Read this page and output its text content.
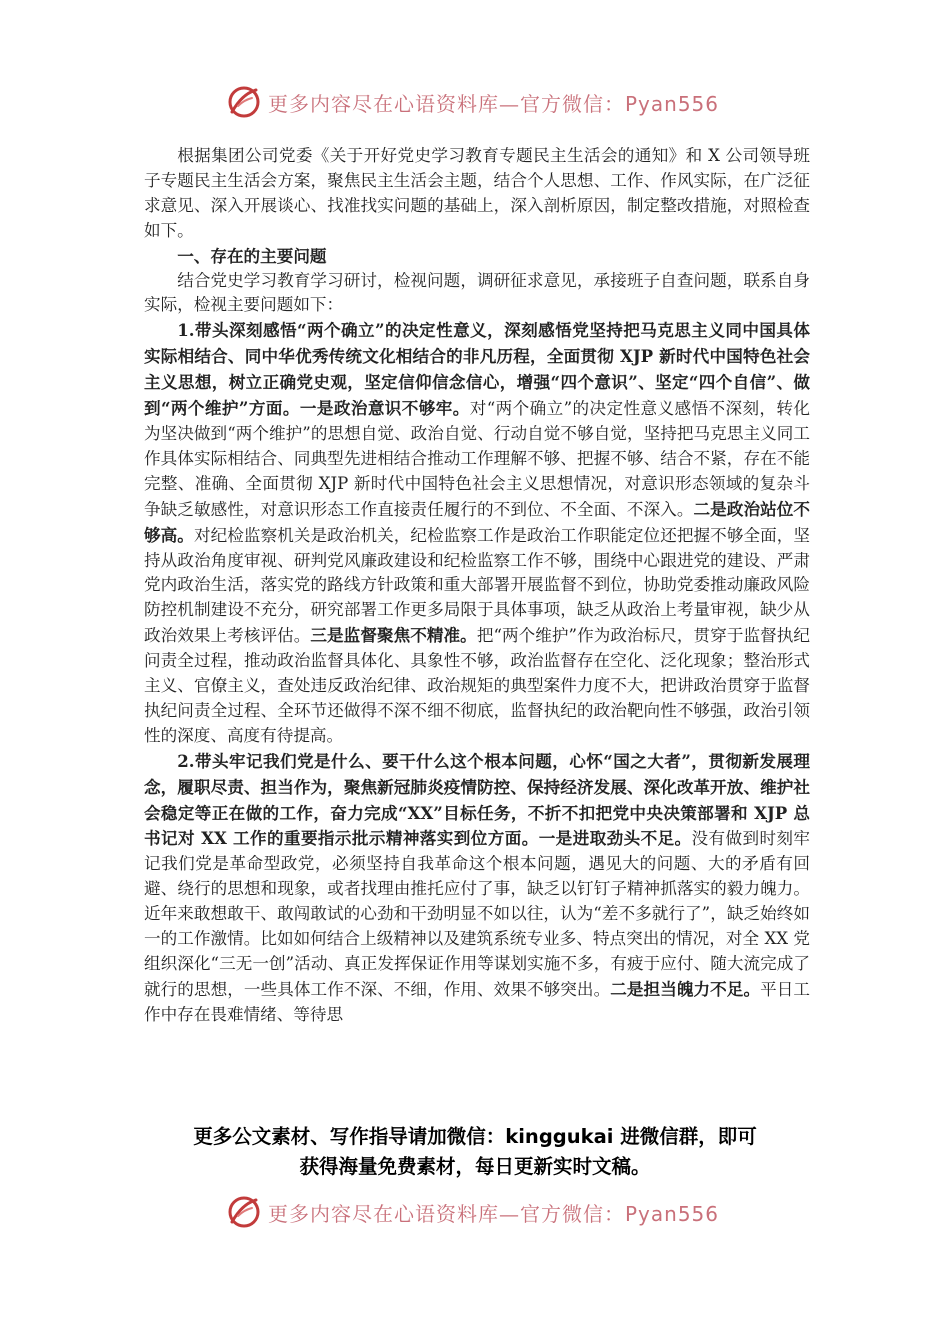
更多内容尽在心语资料库—官方微信：Pyan556

根据集团公司党委《关于开好党史学习教育专题民主生活会的通知》和 X 公司领导班子专题民主生活会方案，聚焦民主生活会主题，结合个人思想、工作、作风实际，在广泛征求意见、深入开展谈心、找准找实问题的基础上，深入剖析原因，制定整改措施，对照检查如下。

一、存在的主要问题

结合党史学习教育学习研讨，检视问题，调研征求意见，承接班子自查问题，联系自身实际，检视主要问题如下：

1.带头深刻感悟“两个确立”的决定性意义，深刻感悟党坚持把马克思主义同中国具体实际相结合、同中华优秀传统文化相结合的非凡历程，全面贯彻 XJP 新时代中国特色社会主义思想，树立正确党史观，坚定信仰信念信心，增强“四个意识”、坚定“四个自信”、做到“两个维护”方面。一是政治意识不够牢。对“两个确立”的决定性意义感悟不深刻，转化为坚决做到“两个维护”的思想自觉、政治自觉、行动自觉不够自觉，坚持把马克思主义同工作具体实际相结合、同典型先进相结合推动工作理解不够、把握不够、结合不紧，存在不能完整、准确、全面贯彻 XJP 新时代中国特色社会主义思想情况，对意识形态领域的复杂斗争缺乏敏感性，对意识形态工作直接责任履行的不到位、不全面、不深入。二是政治站位不够高。对纪检监察机关是政治机关，纪检监察工作是政治工作职能定位还把握不够全面，坚持从政治角度审视、研判党风廉政建设和纪检监察工作不够，围绕中心跟进党的建设、严肃党内政治生活，落实党的路线方针政策和重大部署开展监督不到位，协助党委推动廉政风险防控机制建设不充分，研究部署工作更多局限于具体事项，缺乏从政治上考量审视，缺少从政治效果上考核评估。三是监督聚焦不精准。把“两个维护”作为政治标尺，贯穿于监督执纪问责全过程，推动政治监督具体化、具象性不够，政治监督存在空化、泛化现象；整治形式主义、官僚主义，查处违反政治纪律、政治规矩的典型案件力度不大，把讲政治贯穿于监督执纪问责全过程、全环节还做得不深不细不彻底，监督执纪的政治靶向性不够强，政治引领性的深度、高度有待提高。

2.带头牢记我们党是什么、要干什么这个根本问题，心怀“国之大者”，贯彻新发展理念，履职尽责、担当作为，聚焦新冠肺炎疫情防控、保持经济发展、深化改革开放、维护社会稳定等正在做的工作，奋力完成“XX”目标任务，不折不扣把党中央决策部署和 XJP 总书记对 XX 工作的重要指示批示精神落实到位方面。一是进取劲头不足。没有做到时刻牢记我们党是革命型政党，必须坚持自我革命这个根本问题，遇见大的问题、大的矛盾有回避、绕行的思想和现象，或者找理由推托应付了事，缺乏以钉钉子精神抓落实的毅力魄力。近年来敢想敢干、敢闯敢试的心劲和干劲明显不如以往，认为“差不多就行了”，缺乏始终如一的工作激情。比如如何结合上级精神以及建筑系统专业多、特点突出的情况，对全 XX 党组织深化“三无一创”活动、真正发挥保证作用等谋划实施不多，有疲于应付、随大流完成了就行的思想，一些具体工作不深、不细，作用、效果不够突出。二是担当魄力不足。平日工作中存在畏难情绪、等待思

更多公文素材、写作指导请加微信：kinggukai 进微信群，即可
获得海量免费素材，每日更新实时文稿。
更多内容尽在心语资料库—官方微信：Pyan556
